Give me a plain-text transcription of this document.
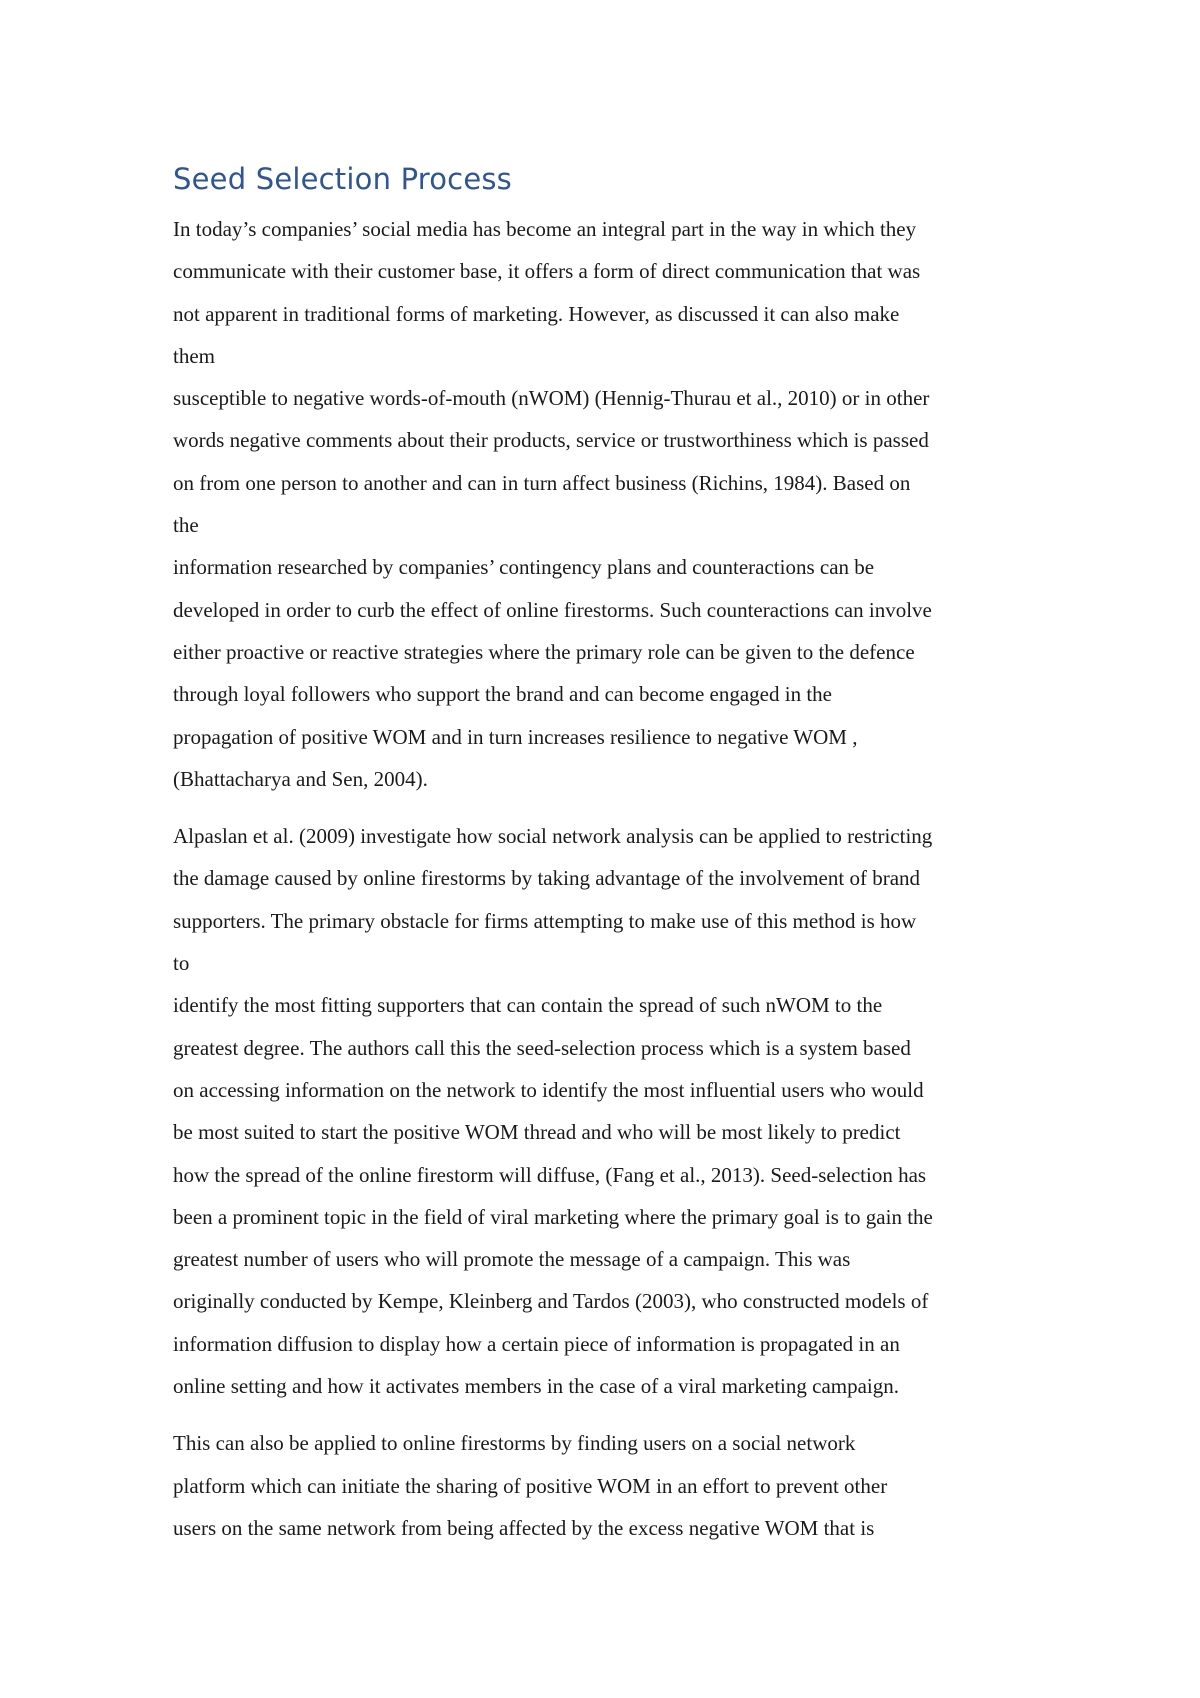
Seed Selection Process
In today’s companies’ social media has become an integral part in the way in which they
communicate with their customer base, it offers a form of direct communication that was
not apparent in traditional forms of marketing. However, as discussed it can also make
them
susceptible to negative words-of-mouth (nWOM) (Hennig-Thurau et al., 2010) or in other
words negative comments about their products, service or trustworthiness which is passed
on from one person to another and can in turn affect business (Richins, 1984). Based on
the
information researched by companies’ contingency plans and counteractions can be
developed in order to curb the effect of online firestorms. Such counteractions can involve
either proactive or reactive strategies where the primary role can be given to the defence
through loyal followers who support the brand and can become engaged in the
propagation of positive WOM and in turn increases resilience to negative WOM ,
(Bhattacharya and Sen, 2004).
Alpaslan et al. (2009) investigate how social network analysis can be applied to restricting
the damage caused by online firestorms by taking advantage of the involvement of brand
supporters. The primary obstacle for firms attempting to make use of this method is how
to
identify the most fitting supporters that can contain the spread of such nWOM to the
greatest degree. The authors call this the seed-selection process which is a system based
on accessing information on the network to identify the most influential users who would
be most suited to start the positive WOM thread and who will be most likely to predict
how the spread of the online firestorm will diffuse, (Fang et al., 2013). Seed-selection has
been a prominent topic in the field of viral marketing where the primary goal is to gain the
greatest number of users who will promote the message of a campaign. This was
originally conducted by Kempe, Kleinberg and Tardos (2003), who constructed models of
information diffusion to display how a certain piece of information is propagated in an
online setting and how it activates members in the case of a viral marketing campaign.
This can also be applied to online firestorms by finding users on a social network
platform which can initiate the sharing of positive WOM in an effort to prevent other
users on the same network from being affected by the excess negative WOM that is
